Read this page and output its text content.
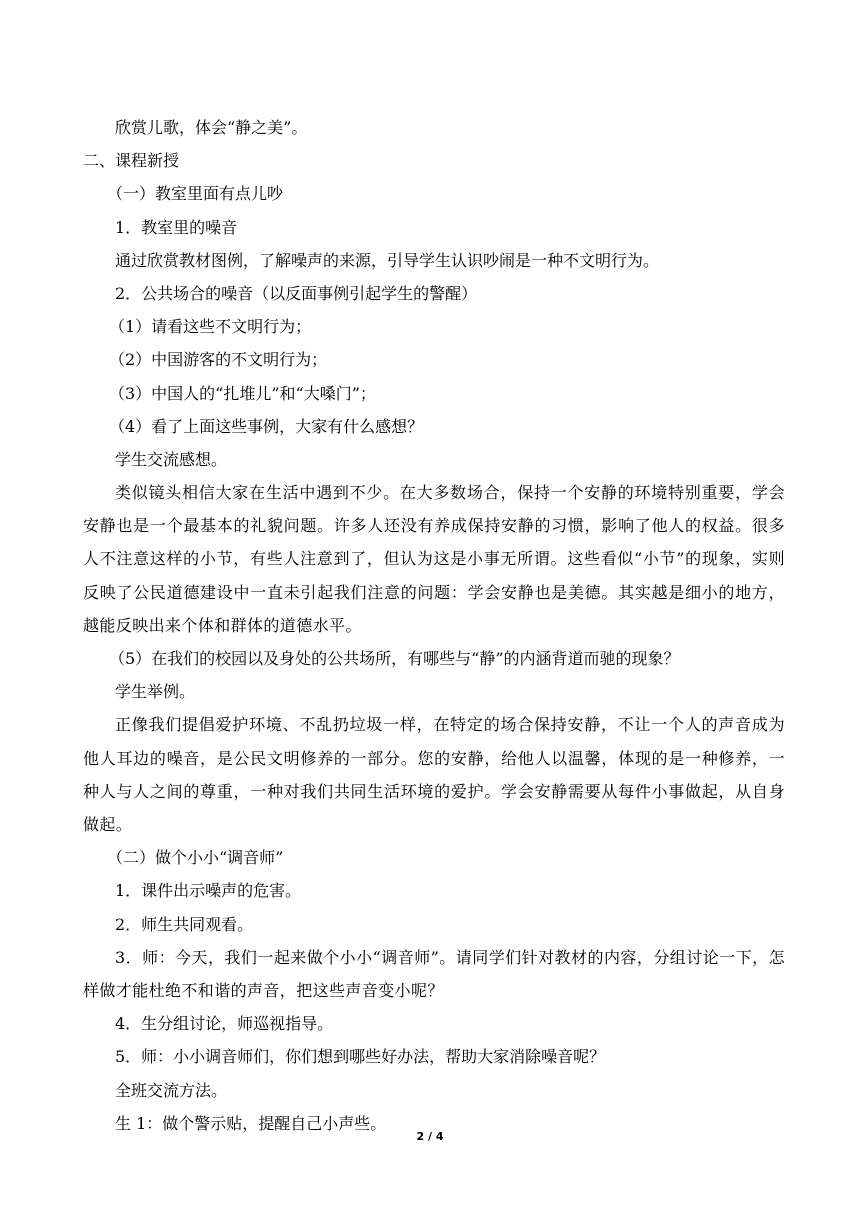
欣赏儿歌，体会“静之美”。

二、课程新授

（一）教室里面有点儿吵

1．教室里的噪音

通过欣赏教材图例，了解噪声的来源，引导学生认识吵闹是一种不文明行为。

2．公共场合的噪音（以反面事例引起学生的警醒）

（1）请看这些不文明行为；

（2）中国游客的不文明行为；

（3）中国人的“扎堆儿”和“大嗓门”；

（4）看了上面这些事例，大家有什么感想？

学生交流感想。

类似镜头相信大家在生活中遇到不少。在大多数场合，保持一个安静的环境特别重要，学会安静也是一个最基本的礼貌问题。许多人还没有养成保持安静的习惯，影响了他人的权益。很多人不注意这样的小节，有些人注意到了，但认为这是小事无所谓。这些看似“小节”的现象，实则反映了公民道德建设中一直未引起我们注意的问题：学会安静也是美德。其实越是细小的地方，越能反映出来个体和群体的道德水平。

（5）在我们的校园以及身处的公共场所，有哪些与“静”的内涵背道而驰的现象？

学生举例。

正像我们提倡爱护环境、不乱扔垃圾一样，在特定的场合保持安静，不让一个人的声音成为他人耳边的噪音，是公民文明修养的一部分。您的安静，给他人以温馨，体现的是一种修养，一种人与人之间的尊重，一种对我们共同生活环境的爱护。学会安静需要从每件小事做起，从自身做起。

（二）做个小小“调音师”

1．课件出示噪声的危害。

2．师生共同观看。

3．师：今天，我们一起来做个小小“调音师”。请同学们针对教材的内容，分组讨论一下，怎样做才能杜绝不和谐的声音，把这些声音变小呢？

4．生分组讨论，师巡视指导。

5．师：小小调音师们，你们想到哪些好办法，帮助大家消除噪音呢？

全班交流方法。

生 1：做个警示贴，提醒自己小声些。

2 / 4
